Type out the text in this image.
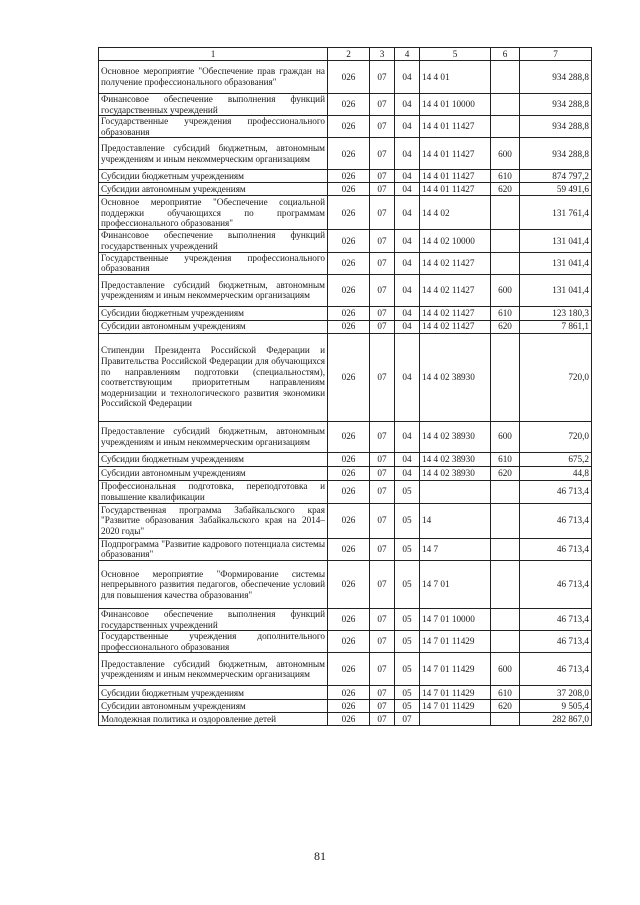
1	2	3	4	5	6	7
Основное мероприятие "Обеспечение прав граждан на получение профессионального образования"	026	07	04	14 4 01		934 288,8
Финансовое обеспечение выполнения функций государственных учреждений	026	07	04	14 4 01 10000		934 288,8
Государственные учреждения профессионального образования	026	07	04	14 4 01 11427		934 288,8
Предоставление субсидий бюджетным, автономным учреждениям и иным некоммерческим организациям	026	07	04	14 4 01 11427	600	934 288,8
Субсидии бюджетным учреждениям	026	07	04	14 4 01 11427	610	874 797,2
Субсидии автономным учреждениям	026	07	04	14 4 01 11427	620	59 491,6
Основное мероприятие "Обеспечение социальной поддержки обучающихся по программам профессионального образования"	026	07	04	14 4 02		131 761,4
Финансовое обеспечение выполнения функций государственных учреждений	026	07	04	14 4 02 10000		131 041,4
Государственные учреждения профессионального образования	026	07	04	14 4 02 11427		131 041,4
Предоставление субсидий бюджетным, автономным учреждениям и иным некоммерческим организациям	026	07	04	14 4 02 11427	600	131 041,4
Субсидии бюджетным учреждениям	026	07	04	14 4 02 11427	610	123 180,3
Субсидии автономным учреждениям	026	07	04	14 4 02 11427	620	7 861,1
Стипендии Президента Российской Федерации и Правительства Российской Федерации для обучающихся по направлениям подготовки (специальностям), соответствующим приоритетным направлениям модернизации и технологического развития экономики Российской Федерации	026	07	04	14 4 02 38930		720,0
Предоставление субсидий бюджетным, автономным учреждениям и иным некоммерческим организациям	026	07	04	14 4 02 38930	600	720,0
Субсидии бюджетным учреждениям	026	07	04	14 4 02 38930	610	675,2
Субсидии автономным учреждениям	026	07	04	14 4 02 38930	620	44,8
Профессиональная подготовка, переподготовка и повышение квалификации	026	07	05			46 713,4
Государственная программа Забайкальского края "Развитие образования Забайкальского края на 2014–2020 годы"	026	07	05	14		46 713,4
Подпрограмма "Развитие кадрового потенциала системы образования"	026	07	05	14 7		46 713,4
Основное мероприятие "Формирование системы непрерывного развития педагогов, обеспечение условий для повышения качества образования"	026	07	05	14 7 01		46 713,4
Финансовое обеспечение выполнения функций государственных учреждений	026	07	05	14 7 01 10000		46 713,4
Государственные учреждения дополнительного профессионального образования	026	07	05	14 7 01 11429		46 713,4
Предоставление субсидий бюджетным, автономным учреждениям и иным некоммерческим организациям	026	07	05	14 7 01 11429	600	46 713,4
Субсидии бюджетным учреждениям	026	07	05	14 7 01 11429	610	37 208,0
Субсидии автономным учреждениям	026	07	05	14 7 01 11429	620	9 505,4
Молодежная политика и оздоровление детей	026	07	07			282 867,0
81
